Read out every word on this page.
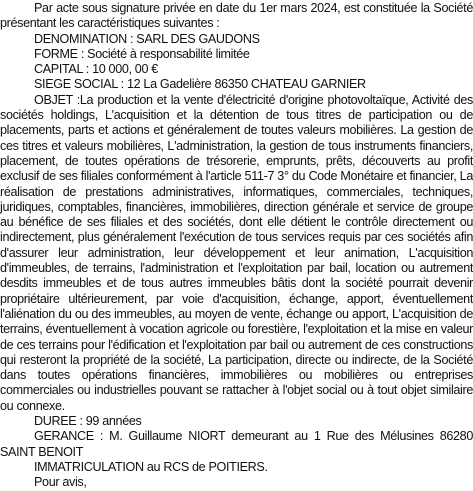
Par acte sous signature privée en date du 1er mars 2024, est constituée la Société présentant les caractéristiques suivantes :

DENOMINATION : SARL DES GAUDONS

FORME : Société à responsabilité limitée

CAPITAL : 10 000, 00 €

SIEGE SOCIAL : 12 La Gadelière 86350 CHATEAU GARNIER

OBJET :La production et la vente d'électricité d'origine photovoltaïque, Activité des sociétés holdings, L'acquisition et la détention de tous titres de participation ou de placements, parts et actions et généralement de toutes valeurs mobilières. La gestion de ces titres et valeurs mobilières, L'administration, la gestion de tous instruments financiers, placement, de toutes opérations de trésorerie, emprunts, prêts, découverts au profit exclusif de ses filiales conformément à l'article 511-7 3° du Code Monétaire et financier, La réalisation de prestations administratives, informatiques, commerciales, techniques, juridiques, comptables, financières, immobilières, direction générale et service de groupe au bénéfice de ses filiales et des sociétés, dont elle détient le contrôle directement ou indirectement, plus généralement l'exécution de tous services requis par ces sociétés afin d'assurer leur administration, leur développement et leur animation, L'acquisition d'immeubles, de terrains, l'administration et l'exploitation par bail, location ou autrement desdits immeubles et de tous autres immeubles bâtis dont la société pourrait devenir propriétaire ultérieurement, par voie d'acquisition, échange, apport, éventuellement l'aliénation du ou des immeubles, au moyen de vente, échange ou apport, L'acquisition de terrains, éventuellement à vocation agricole ou forestière, l'exploitation et la mise en valeur de ces terrains pour l'édification et l'exploitation par bail ou autrement de ces constructions qui resteront la propriété de la société, La participation, directe ou indirecte, de la Société dans toutes opérations financières, immobilières ou mobilières ou entreprises commerciales ou industrielles pouvant se rattacher à l'objet social ou à tout objet similaire ou connexe.

DUREE : 99 années

GERANCE : M. Guillaume NIORT demeurant au 1 Rue des Mélusines 86280 SAINT BENOIT

IMMATRICULATION au RCS de POITIERS.

Pour avis,
